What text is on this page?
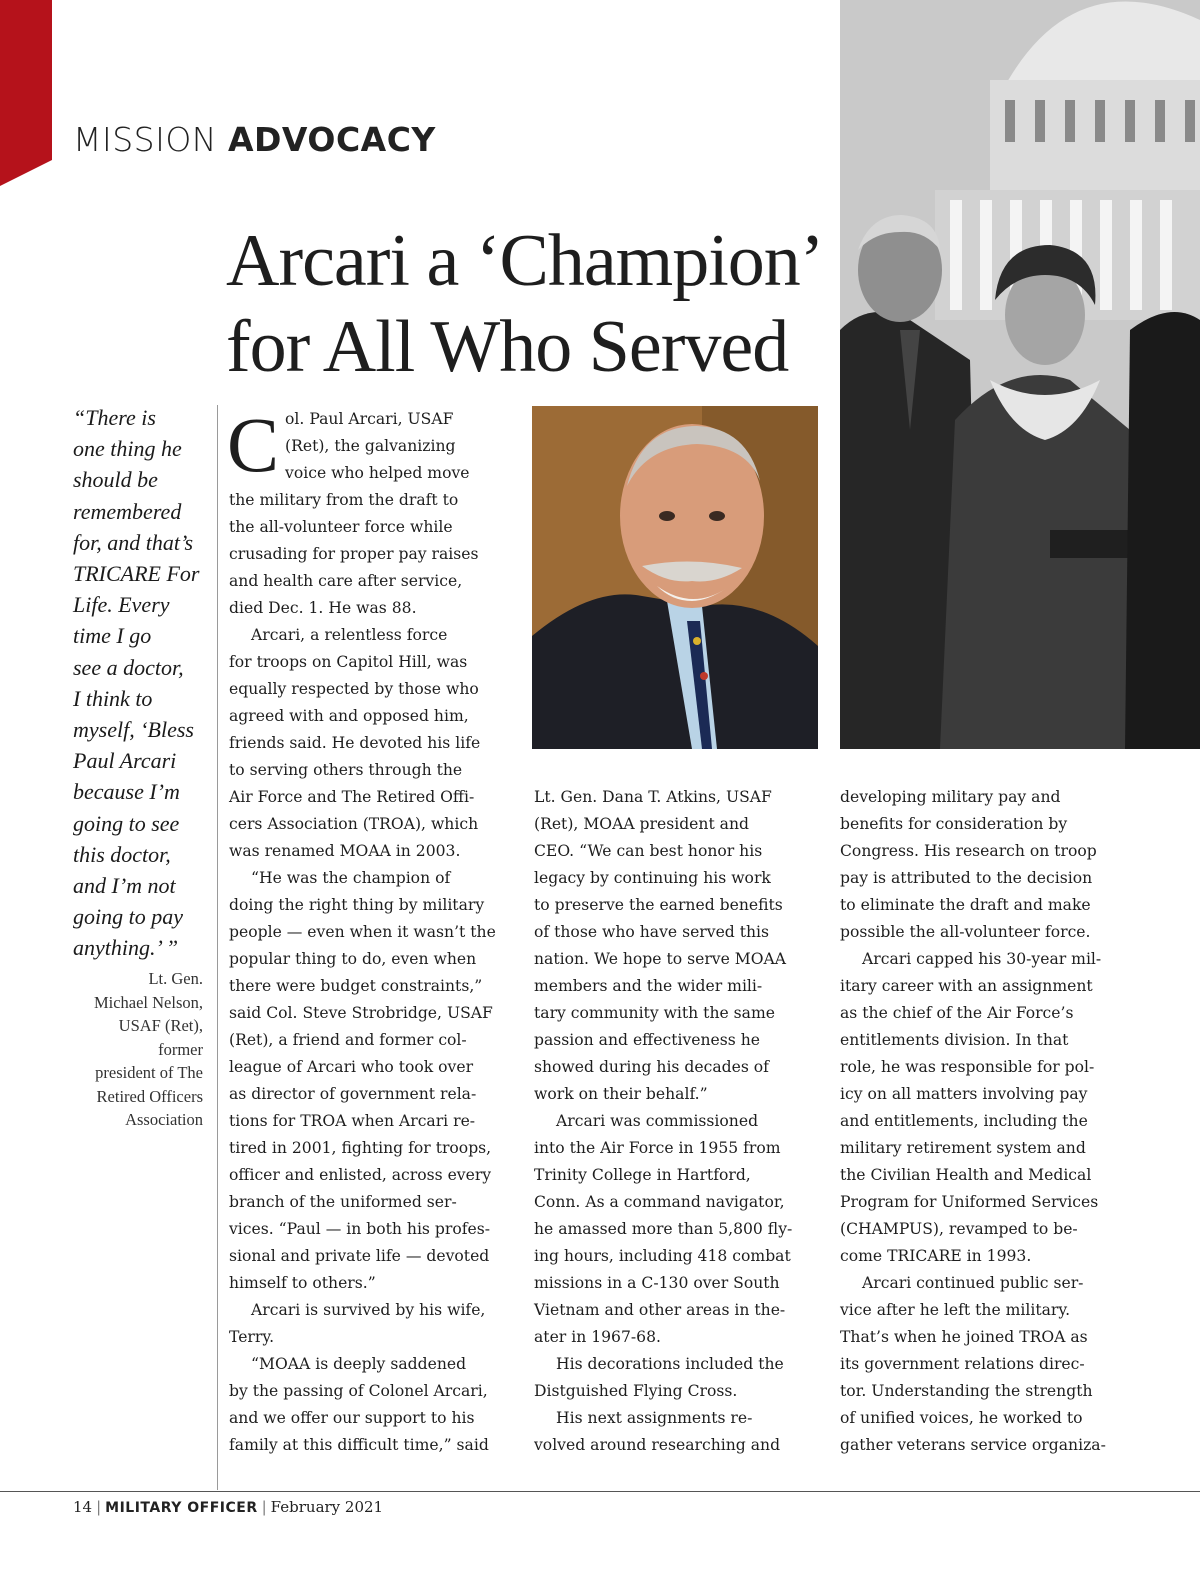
MISSION ADVOCACY
Arcari a ‘Champion’
for All Who Served
“There is
one thing he
should be
remembered
for, and that’s
TRICARE For
Life. Every
time I go
see a doctor,
I think to
myself, ‘Bless
Paul Arcari
because I’m
going to see
this doctor,
and I’m not
going to pay
anything.’ ”
Lt. Gen.
Michael Nelson,
USAF (Ret),
former
president of The
Retired Officers
Association
C ol. Paul Arcari, USAF
(Ret), the galvanizing
voice who helped move
the military from the draft to
the all-volunteer force while
crusading for proper pay raises
and health care after service,
died Dec. 1. He was 88.

Arcari, a relentless force
for troops on Capitol Hill, was
equally respected by those who
agreed with and opposed him,
friends said. He devoted his life
to serving others through the

Air Force and The Retired Offi-
cers Association (TROA), which
was renamed MOAA in 2003.

“He was the champion of
doing the right thing by military
people — even when it wasn’t the
popular thing to do, even when
there were budget constraints,”
said Col. Steve Strobridge, USAF
(Ret), a friend and former col-
league of Arcari who took over
as director of government rela-
tions for TROA when Arcari re-
tired in 2001, fighting for troops,
officer and enlisted, across every
branch of the uniformed ser-
vices. “Paul — in both his profes-
sional and private life — devoted
himself to others.”

Arcari is survived by his wife,
Terry.

“MOAA is deeply saddened
by the passing of Colonel Arcari,
and we offer our support to his
family at this difficult time,” said

Lt. Gen. Dana T. Atkins, USAF
(Ret), MOAA president and
CEO. “We can best honor his
legacy by continuing his work
to preserve the earned benefits
of those who have served this
nation. We hope to serve MOAA
members and the wider mili-
tary community with the same
passion and effectiveness he
showed during his decades of
work on their behalf.”

Arcari was commissioned
into the Air Force in 1955 from
Trinity College in Hartford,
Conn. As a command navigator,
he amassed more than 5,800 fly-
ing hours, including 418 combat
missions in a C-130 over South
Vietnam and other areas in the-
ater in 1967-68.

His decorations included the
Distguished Flying Cross.

His next assignments re-
volved around researching and

developing military pay and
benefits for consideration by
Congress. His research on troop
pay is attributed to the decision
to eliminate the draft and make
possible the all-volunteer force.

Arcari capped his 30-year mil-
itary career with an assignment
as the chief of the Air Force’s
entitlements division. In that
role, he was responsible for pol-
icy on all matters involving pay
and entitlements, including the
military retirement system and
the Civilian Health and Medical
Program for Uniformed Services
(CHAMPUS), revamped to be-
come TRICARE in 1993.

Arcari continued public ser-
vice after he left the military.
That’s when he joined TROA as
its government relations direc-
tor. Understanding the strength
of unified voices, he worked to
gather veterans service organiza-

14 | MILITARY OFFICER | February 2021
